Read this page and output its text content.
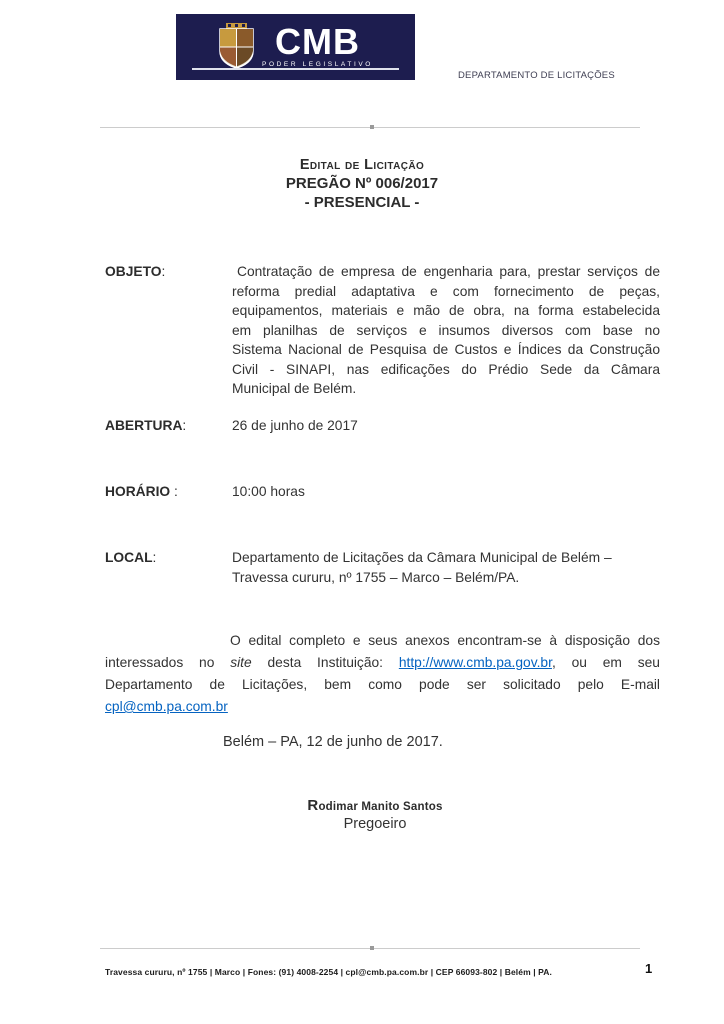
CMB
PODER LEGISLATIVO
DEPARTAMENTO DE LICITAÇÕES
Edital de Licitação
PREGÃO Nº 006/2017
- PRESENCIAL -
OBJETO:	Contratação de empresa de engenharia para, prestar serviços de
reforma predial adaptativa e com fornecimento de peças,
equipamentos, materiais e mão de obra, na forma estabelecida
em planilhas de serviços e insumos diversos com base no
Sistema Nacional de Pesquisa de Custos e Índices da Construção
Civil - SINAPI, nas edificações do Prédio Sede da Câmara
Municipal de Belém.
ABERTURA:	26 de junho de 2017
HORÁRIO :	10:00 horas
LOCAL:	Departamento de Licitações da Câmara Municipal de Belém –
Travessa cururu, nº 1755 – Marco – Belém/PA.
O edital completo e seus anexos encontram-se à disposição dos
interessados no site desta Instituição: http://www.cmb.pa.gov.br, ou em seu
Departamento de Licitações, bem como pode ser solicitado pelo E-mail
cpl@cmb.pa.com.br
Belém – PA, 12 de junho de 2017.
Rodimar Manito Santos
Pregoeiro
Travessa cururu, nº 1755 | Marco | Fones: (91) 4008-2254 | cpl@cmb.pa.com.br | CEP 66093-802 | Belém | PA.	1
